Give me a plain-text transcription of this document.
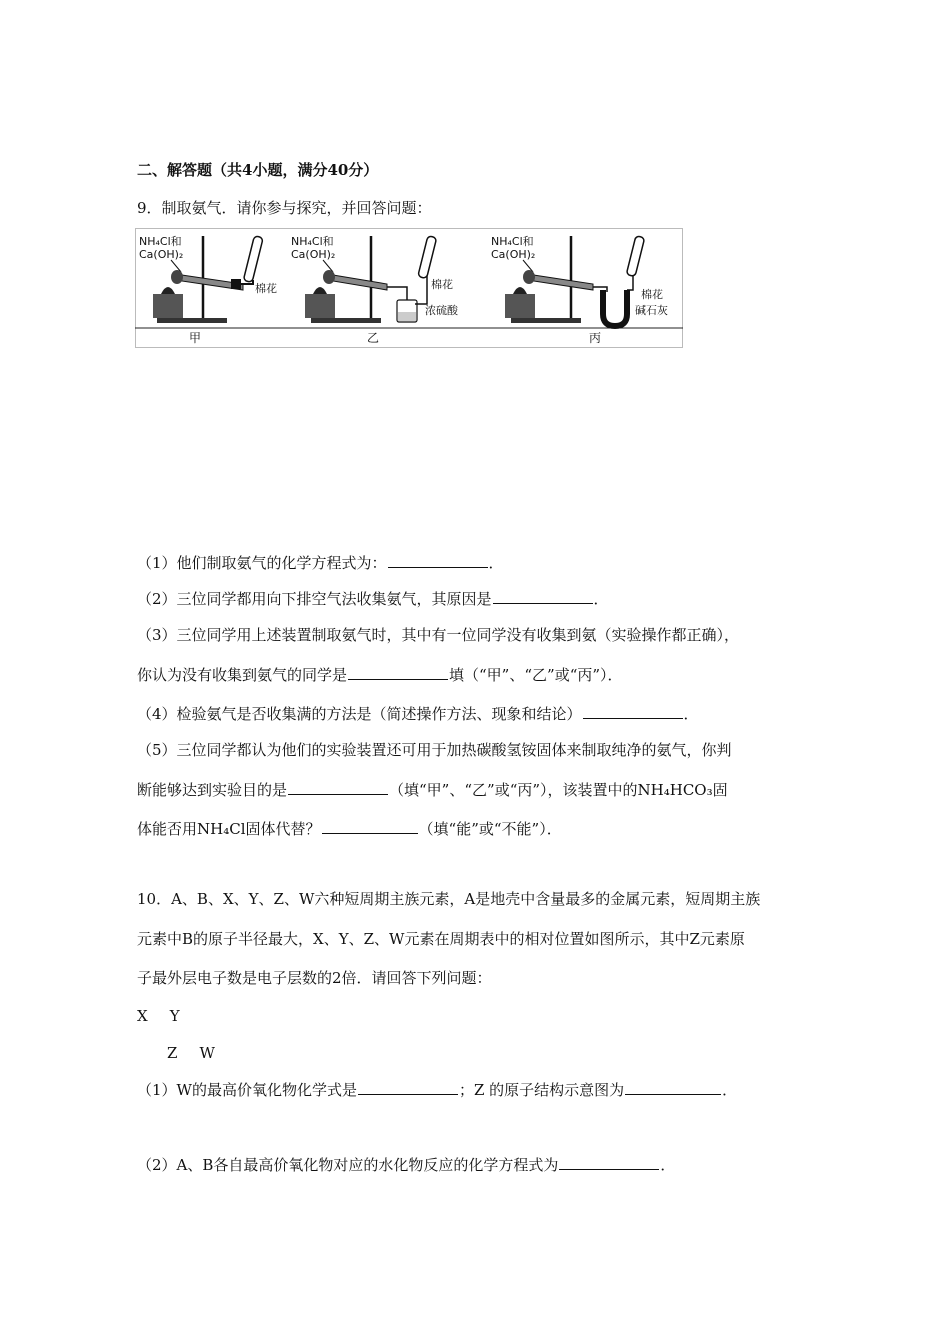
二、解答题（共4小题，满分40分）
9．制取氨气．请你参与探究，并回答问题：
NH₄Cl和
Ca(OH)₂
棉花
甲
NH₄Cl和
Ca(OH)₂
棉花
浓硫酸
乙
NH₄Cl和
Ca(OH)₂
棉花
碱石灰
丙
（1）他们制取氨气的化学方程式为：	．
（2）三位同学都用向下排空气法收集氨气，其原因是	．
（3）三位同学用上述装置制取氨气时，其中有一位同学没有收集到氨（实验操作都正确），
你认为没有收集到氨气的同学是	填（“甲”、“乙”或“丙”）．
（4）检验氨气是否收集满的方法是（简述操作方法、现象和结论）	．
（5）三位同学都认为他们的实验装置还可用于加热碳酸氢铵固体来制取纯净的氨气，你判
断能够达到实验目的是	（填“甲”、“乙”或“丙”），该装置中的NH₄HCO₃固
体能否用NH₄Cl固体代替？	（填“能”或“不能”）．
10．A、B、X、Y、Z、W六种短周期主族元素，A是地壳中含量最多的金属元素，短周期主族
元素中B的原子半径最大，X、Y、Z、W元素在周期表中的相对位置如图所示，其中Z元素原
子最外层电子数是电子层数的2倍．请回答下列问题：
X Y
Z W
（1）W的最高价氧化物化学式是	；Z 的原子结构示意图为	．
（2）A、B各自最高价氧化物对应的水化物反应的化学方程式为	．
